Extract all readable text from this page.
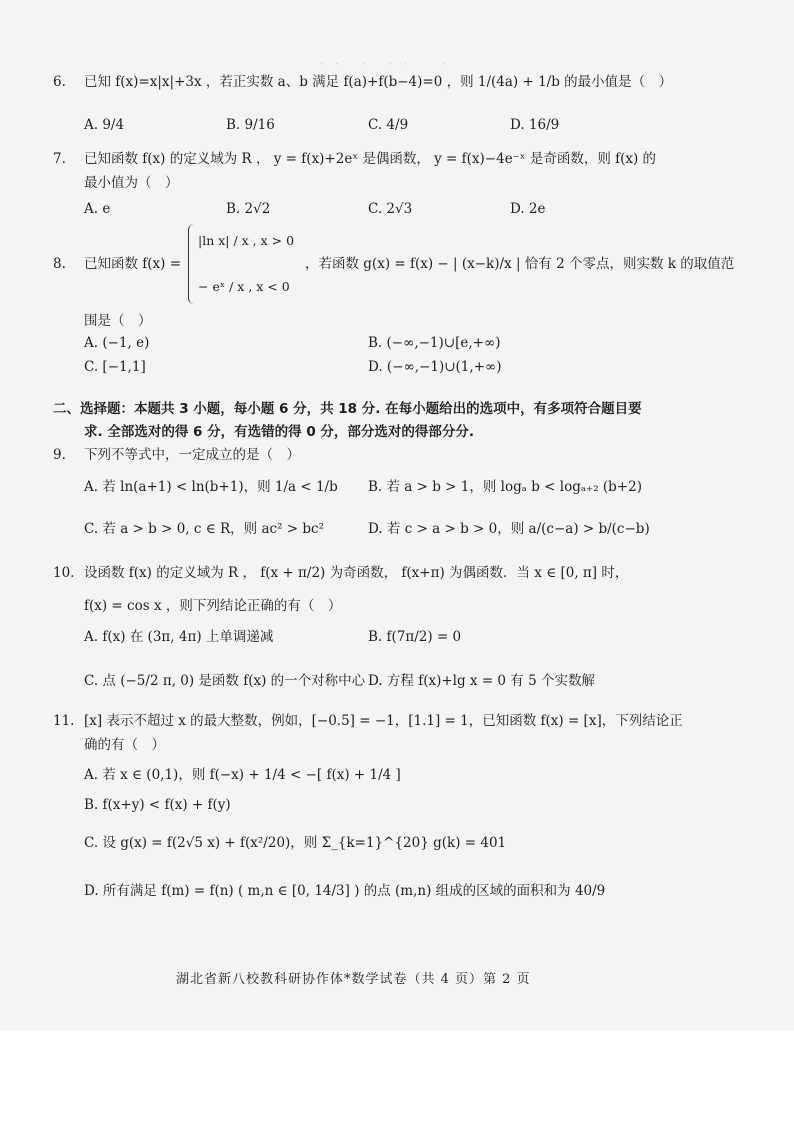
·　·　　·　　·　·　　　·
6. 已知 f(x)=x|x|+3x ，若正实数 a、b 满足 f(a)+f(b−4)=0 ，则 1/(4a) + 1/b 的最小值是（　）
A. 9/4	B. 9/16	C. 4/9	D. 16/9
7. 已知函数 f(x) 的定义域为 R ， y = f(x)+2eˣ 是偶函数， y = f(x)−4e⁻ˣ 是奇函数，则 f(x) 的
最小值为（　）
A. e	B. 2√2	C. 2√3	D. 2e
8. 已知函数 f(x) =
|ln x| / x , x > 0
− eˣ / x , x < 0
，若函数 g(x) = f(x) − | (x−k)/x | 恰有 2 个零点，则实数 k 的取值范
围是（　）
A. (−1, e)	B. (−∞,−1)∪[e,+∞)
C. [−1,1]	D. (−∞,−1)∪(1,+∞)
二、选择题：本题共 3 小题，每小题 6 分，共 18 分. 在每小题给出的选项中，有多项符合题目要
求. 全部选对的得 6 分，有选错的得 0 分，部分选对的得部分分.
9. 下列不等式中，一定成立的是（　）
A. 若 ln(a+1) < ln(b+1)，则 1/a < 1/b B. 若 a > b > 1，则 logₐ b < logₐ₊₂ (b+2)
C. 若 a > b > 0, c ∈ R，则 ac² > bc²	D. 若 c > a > b > 0，则 a/(c−a) > b/(c−b)
10. 设函数 f(x) 的定义域为 R ， f(x + π/2) 为奇函数， f(x+π) 为偶函数．当 x ∈ [0, π] 时，
f(x) = cos x ，则下列结论正确的有（　）
A. f(x) 在 (3π, 4π) 上单调递减	B. f(7π/2) = 0
C. 点 (−5/2 π, 0) 是函数 f(x) 的一个对称中心 D. 方程 f(x)+lg x = 0 有 5 个实数解
11. [x] 表示不超过 x 的最大整数，例如，[−0.5] = −1，[1.1] = 1，已知函数 f(x) = [x]，下列结论正
确的有（　）
A. 若 x ∈ (0,1)，则 f(−x) + 1/4 < −[ f(x) + 1/4 ]
B. f(x+y) < f(x) + f(y)
C. 设 g(x) = f(2√5 x) + f(x²/20)，则 Σ_{k=1}^{20} g(k) = 401
D. 所有满足 f(m) = f(n) ( m,n ∈ [0, 14/3] ) 的点 (m,n) 组成的区域的面积和为 40/9
湖北省新八校教科研协作体*数学试卷（共 4 页）第 2 页
